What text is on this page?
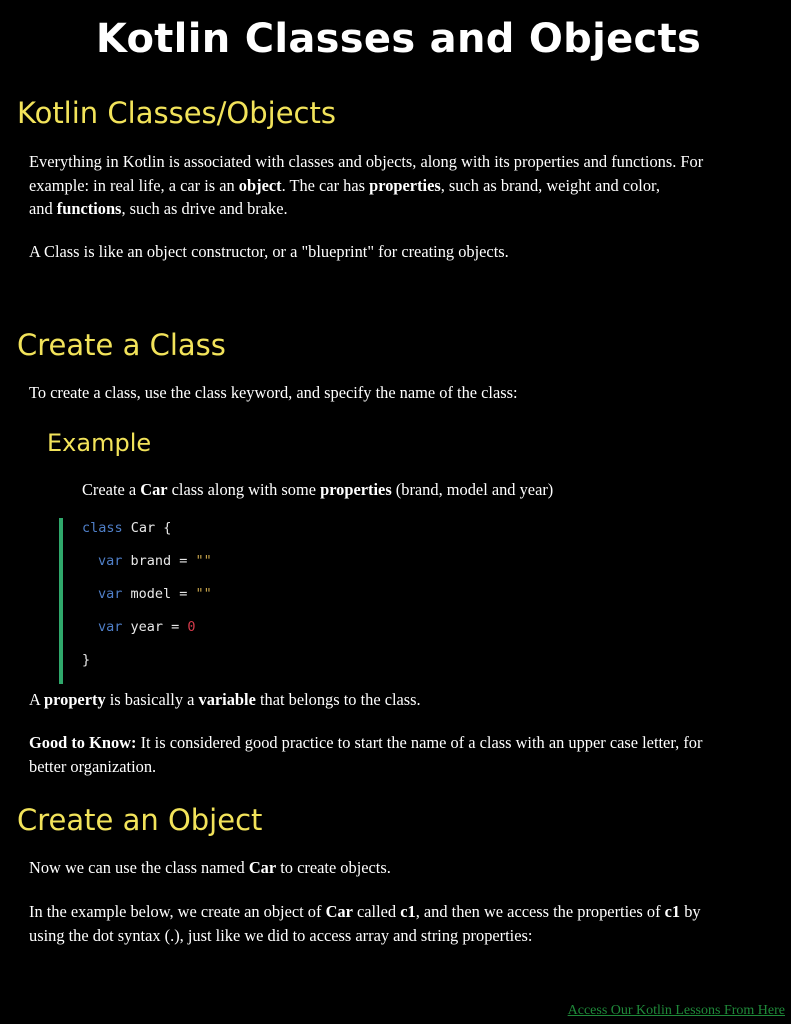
Kotlin Classes and Objects
Kotlin Classes/Objects
Everything in Kotlin is associated with classes and objects, along with its properties and functions. For
example: in real life, a car is an object. The car has properties, such as brand, weight and color,
and functions, such as drive and brake.
A Class is like an object constructor, or a "blueprint" for creating objects.
Create a Class
To create a class, use the class keyword, and specify the name of the class:
Example
Create a Car class along with some properties (brand, model and year)
class Car {
var brand = ""
var model = ""
var year = 0
}
A property is basically a variable that belongs to the class.
Good to Know: It is considered good practice to start the name of a class with an upper case letter, for
better organization.
Create an Object
Now we can use the class named Car to create objects.
In the example below, we create an object of Car called c1, and then we access the properties of c1 by
using the dot syntax (.), just like we did to access array and string properties:
Access Our Kotlin Lessons From Here
